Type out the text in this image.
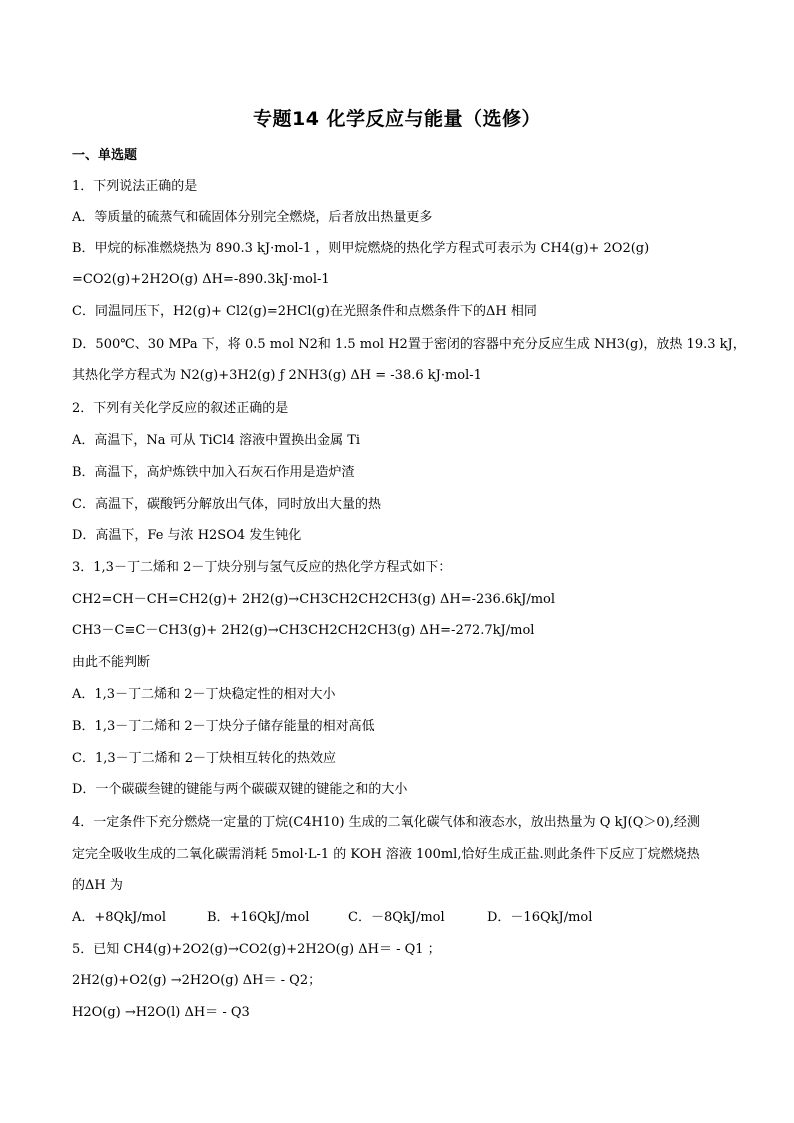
专题14 化学反应与能量（选修）
一、单选题
1．下列说法正确的是
A．等质量的硫蒸气和硫固体分别完全燃烧，后者放出热量更多
B．甲烷的标准燃烧热为 890.3 kJ·mol-1 ，则甲烷燃烧的热化学方程式可表示为 CH4(g)+ 2O2(g)
=CO2(g)+2H2O(g) ΔH=-890.3kJ·mol-1
C．同温同压下，H2(g)+ Cl2(g)=2HCl(g)在光照条件和点燃条件下的ΔH 相同
D．500℃、30 MPa 下，将 0.5 mol N2和 1.5 mol H2置于密闭的容器中充分反应生成 NH3(g)，放热 19.3 kJ，
其热化学方程式为 N2(g)+3H2(g) ƒ 2NH3(g) ΔH = -38.6 kJ·mol-1
2．下列有关化学反应的叙述正确的是
A．高温下，Na 可从 TiCl4 溶液中置换出金属 Ti
B．高温下，高炉炼铁中加入石灰石作用是造炉渣
C．高温下，碳酸钙分解放出气体，同时放出大量的热
D．高温下，Fe 与浓 H2SO4 发生钝化
3．1,3－丁二烯和 2－丁炔分别与氢气反应的热化学方程式如下：
CH2=CH－CH=CH2(g)+ 2H2(g)→CH3CH2CH2CH3(g) ΔH=-236.6kJ/mol
CH3－C≡C－CH3(g)+ 2H2(g)→CH3CH2CH2CH3(g) ΔH=-272.7kJ/mol
由此不能判断
A．1,3－丁二烯和 2－丁炔稳定性的相对大小
B．1,3－丁二烯和 2－丁炔分子储存能量的相对高低
C．1,3－丁二烯和 2－丁炔相互转化的热效应
D．一个碳碳叁键的键能与两个碳碳双键的键能之和的大小
4．一定条件下充分燃烧一定量的丁烷(C4H10) 生成的二氧化碳气体和液态水，放出热量为 Q kJ(Q＞0),经测
定完全吸收生成的二氧化碳需消耗 5mol·L-1 的 KOH 溶液 100ml,恰好生成正盐.则此条件下反应丁烷燃烧热
的ΔH 为
A．+8QkJ/mol	B．+16QkJ/mol	C．－8QkJ/mol	D．－16QkJ/mol
5．已知 CH4(g)+2O2(g)→CO2(g)+2H2O(g) ΔH＝ - Q1 ；
2H2(g)+O2(g) →2H2O(g) ΔH＝ - Q2；
H2O(g) →H2O(l) ΔH＝ - Q3
